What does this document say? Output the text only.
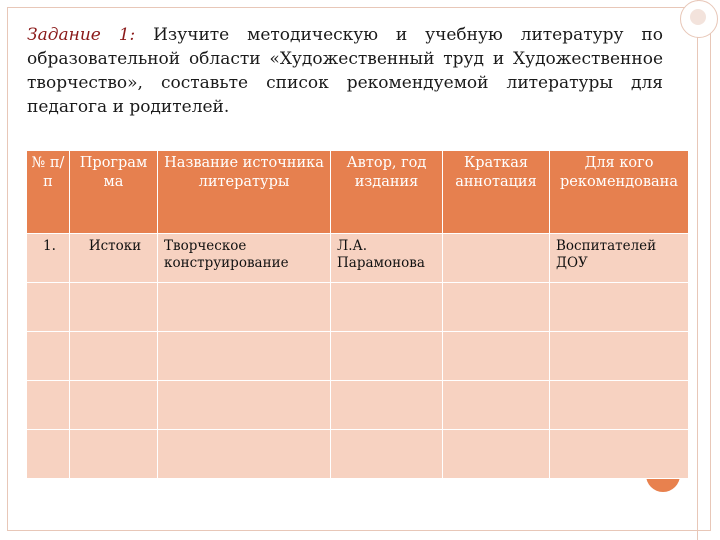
Задание 1: Изучите методическую и учебную литературу по образовательной области «Художественный труд и Художественное творчество», составьте список рекомендуемой литературы для педагога и родителей.

№ п/п	Програм ма	Название источника литературы	Автор, год издания	Краткая аннотация	Для кого рекомендована
1.	Истоки	Творческое конструирование	Л.А. Парамонова		Воспитателей ДОУ
